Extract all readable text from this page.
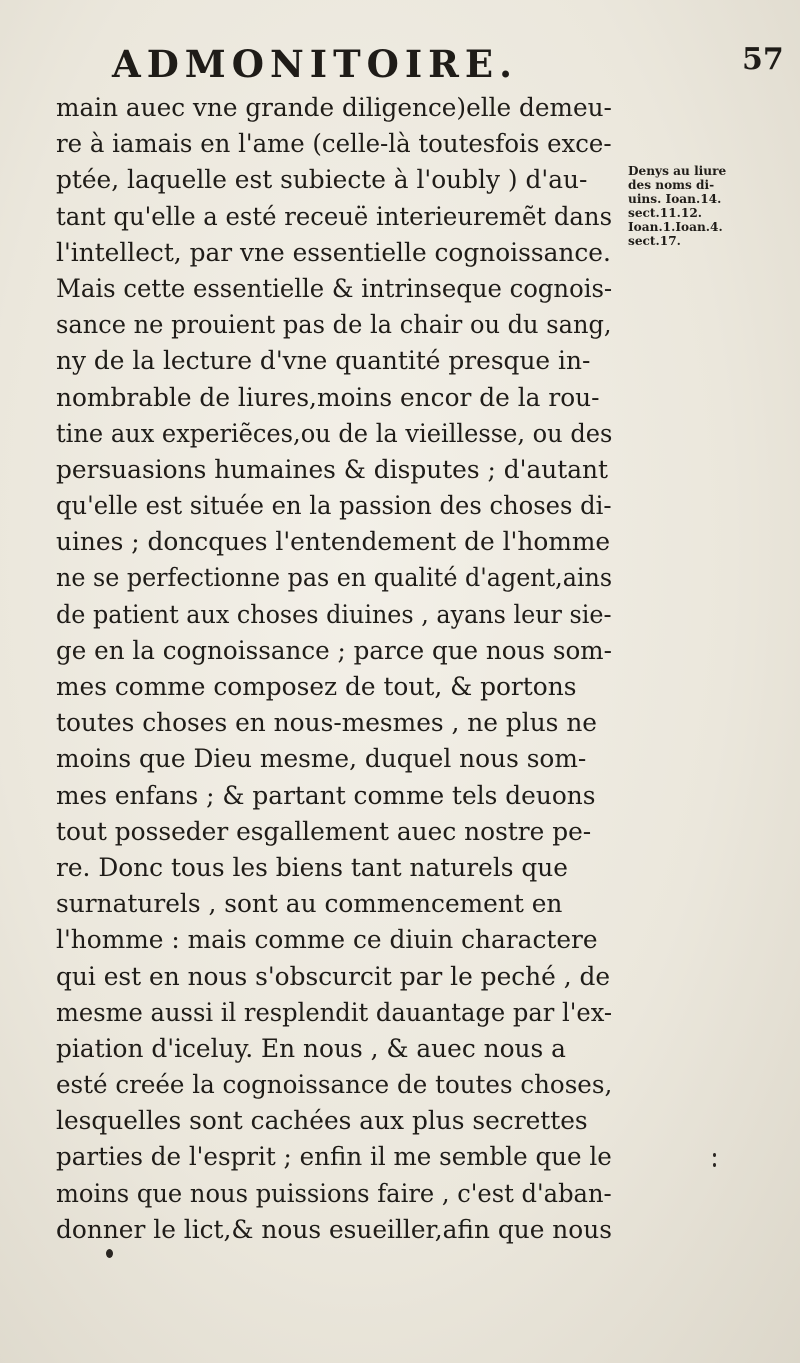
ADMONITOIRE.	57
main auec vne grande diligence)elle demeu-
re à iamais en l'ame (celle-là toutesfois exce-
ptée, laquelle est subiecte à l'oubly ) d'au-
tant qu'elle a esté receuë interieuremẽt dans
l'intellect, par vne essentielle cognoissance.
Mais cette essentielle & intrinseque cognois-
sance ne prouient pas de la chair ou du sang,
ny de la lecture d'vne quantité presque in-
nombrable de liures,moins encor de la rou-
tine aux experiẽces,ou de la vieillesse, ou des
persuasions humaines & disputes ; d'autant
qu'elle est située en la passion des choses di-
uines ; doncques l'entendement de l'homme
ne se perfectionne pas en qualité d'agent,ains
de patient aux choses diuines , ayans leur sie-
ge en la cognoissance ; parce que nous som-
mes comme composez de tout, & portons
toutes choses en nous-mesmes , ne plus ne
moins que Dieu mesme, duquel nous som-
mes enfans ; & partant comme tels deuons
tout posseder esgallement auec nostre pe-
re. Donc tous les biens tant naturels que
surnaturels , sont au commencement en
l'homme : mais comme ce diuin charactere
qui est en nous s'obscurcit par le peché , de
mesme aussi il resplendit dauantage par l'ex-
piation d'iceluy. En nous , & auec nous a
esté creée la cognoissance de toutes choses,
lesquelles sont cachées aux plus secrettes
parties de l'esprit ; enfin il me semble que le
moins que nous puissions faire , c'est d'aban-
donner le lict,& nous esueiller,afin que nous
Denys au liure
des noms di-
uins. Ioan.14.
sect.11.12.
Ioan.1.Ioan.4.
sect.17.
